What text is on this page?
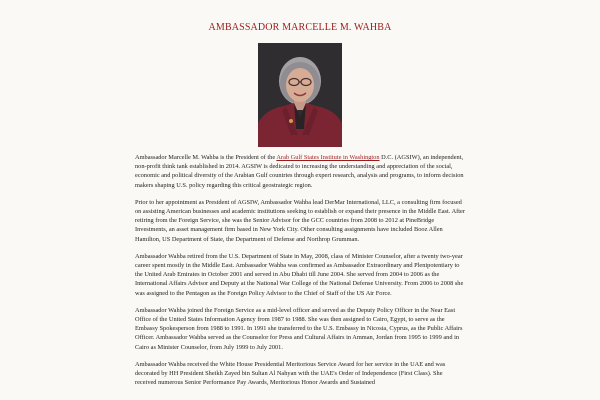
AMBASSADOR MARCELLE M. WAHBA

Ambassador Marcelle M. Wahba is the President of the Arab Gulf States Institute in Washington D.C. (AGSIW), an independent, non-profit think tank established in 2014. AGSIW is dedicated to increasing the understanding and appreciation of the social, economic and political diversity of the Arabian Gulf countries through expert research, analysis and programs, to inform decision makers shaping U.S. policy regarding this critical geostrategic region.

Prior to her appointment as President of AGSIW, Ambassador Wahba lead DerMar International, LLC, a consulting firm focused on assisting American businesses and academic institutions seeking to establish or expand their presence in the Middle East. After retiring from the Foreign Service, she was the Senior Advisor for the GCC countries from 2008 to 2012 at PineBridge Investments, an asset management firm based in New York City. Other consulting assignments have included Booz Allen Hamilton, US Department of State, the Department of Defense and Northrop Grumman.

Ambassador Wahba retired from the U.S. Department of State in May, 2008, class of Minister Counselor, after a twenty two-year career spent mostly in the Middle East. Ambassador Wahba was confirmed as Ambassador Extraordinary and Plenipotentiary to the United Arab Emirates in October 2001 and served in Abu Dhabi till June 2004. She served from 2004 to 2006 as the International Affairs Advisor and Deputy at the National War College of the National Defense University. From 2006 to 2008 she was assigned to the Pentagon as the Foreign Policy Advisor to the Chief of Staff of the US Air Force.

Ambassador Wahba joined the Foreign Service as a mid-level officer and served as the Deputy Policy Officer in the Near East Office of the United States Information Agency from 1987 to 1988. She was then assigned to Cairo, Egypt, to serve as the Embassy Spokesperson from 1988 to 1991. In 1991 she transferred to the U.S. Embassy in Nicosia, Cyprus, as the Public Affairs Officer. Ambassador Wahba served as the Counselor for Press and Cultural Affairs in Amman, Jordan from 1995 to 1999 and in Cairo as Minister Counselor, from July 1999 to July 2001.

Ambassador Wahba received the White House Presidential Meritorious Service Award for her service in the UAE and was decorated by HH President Sheikh Zayed bin Sultan Al Nahyan with the UAE's Order of Independence (First Class). She received numerous Senior Performance Pay Awards, Meritorious Honor Awards and Sustained
